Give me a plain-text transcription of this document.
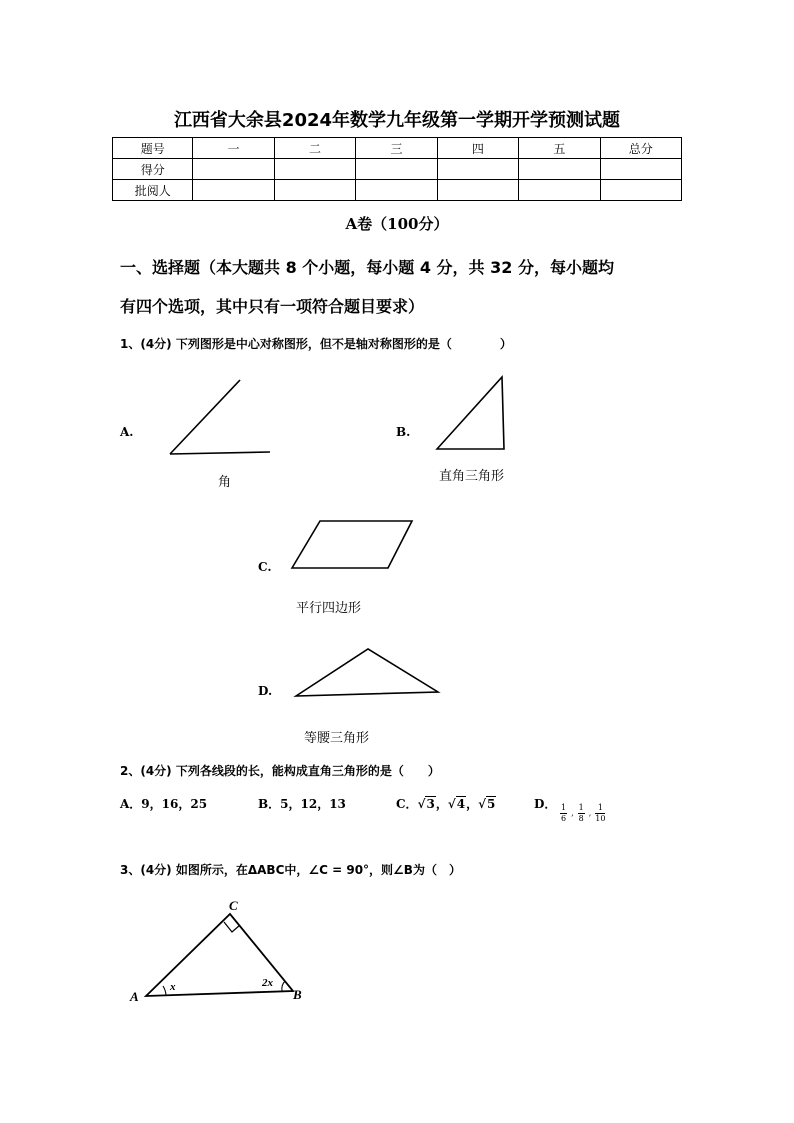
江西省大余县2024年数学九年级第一学期开学预测试题
题号	一	二	三	四	五	总分
得分						
批阅人						
A卷（100分）
一、选择题（本大题共 8 个小题，每小题 4 分，共 32 分，每小题均
有四个选项，其中只有一项符合题目要求）
1、(4分) 下列图形是中心对称图形，但不是轴对称图形的是（　　　　）
A.
角
B.
直角三角形
C.
平行四边形
D.
等腰三角形
2、(4分) 下列各线段的长，能构成直角三角形的是（　　）
A．9，16，25	B．5，12，13	C．√3，√4，√5	D． $\frac{1}{6}$ , $\frac{1}{8}$ , $\frac{1}{10}$
3、(4分) 如图所示，在ΔABC中，∠C = 90°，则∠B为（　）
A	B
C
x	2x
